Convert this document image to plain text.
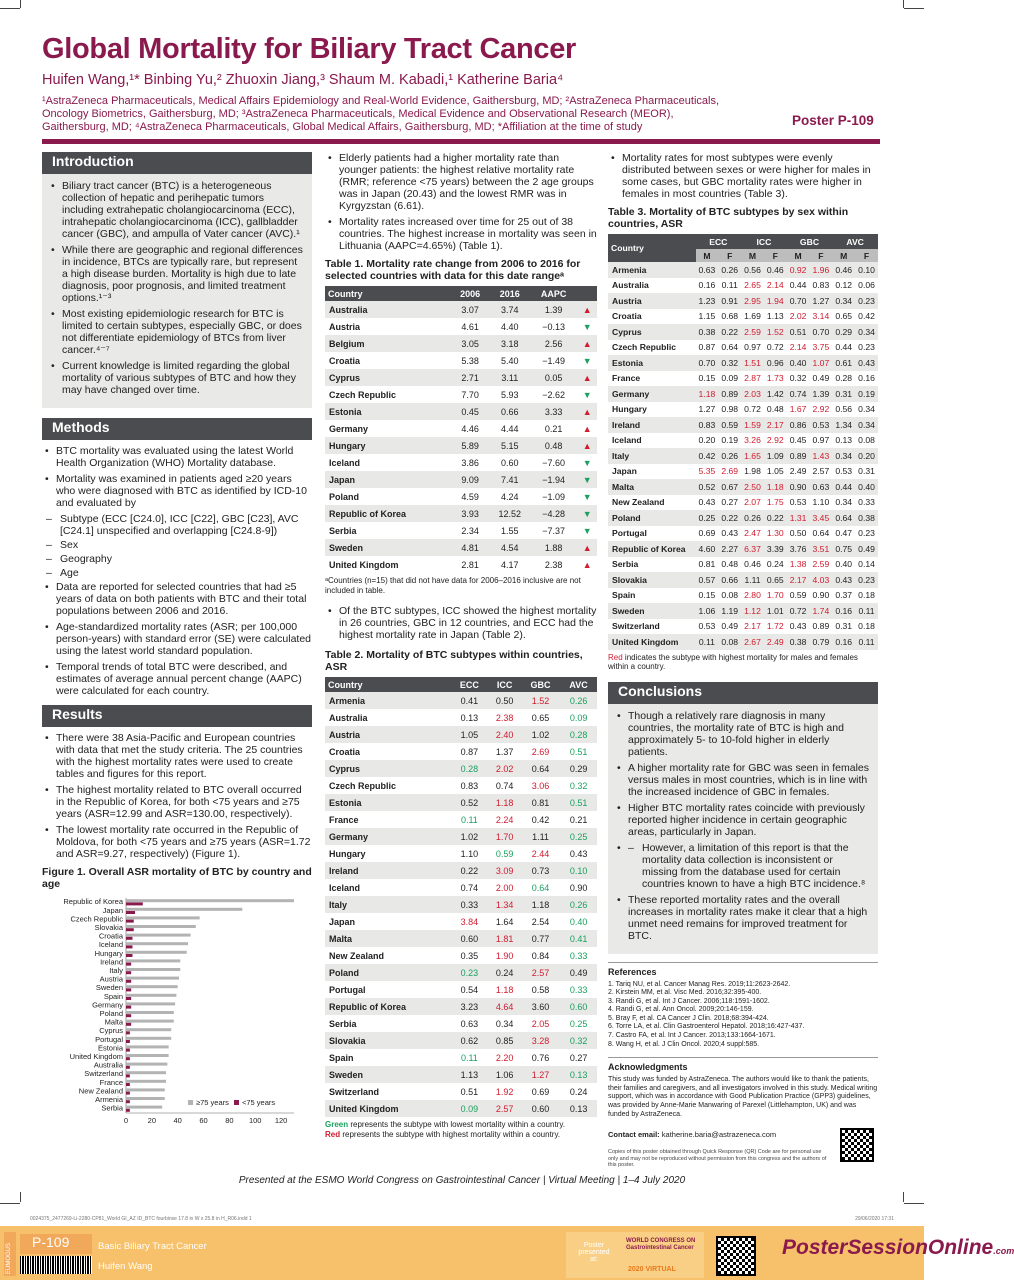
Global Mortality for Biliary Tract Cancer
Huifen Wang,¹* Binbing Yu,² Zhuoxin Jiang,³ Shaum M. Kabadi,¹ Katherine Baria⁴
¹AstraZeneca Pharmaceuticals, Medical Affairs Epidemiology and Real-World Evidence, Gaithersburg, MD; ²AstraZeneca Pharmaceuticals, Oncology Biometrics, Gaithersburg, MD; ³AstraZeneca Pharmaceuticals, Medical Evidence and Observational Research (MEOR), Gaithersburg, MD; ⁴AstraZeneca Pharmaceuticals, Global Medical Affairs, Gaithersburg, MD; *Affiliation at the time of study	Poster P-109
Introduction
• Biliary tract cancer (BTC) is a heterogeneous collection of hepatic and perihepatic tumors including extrahepatic cholangiocarcinoma (ECC), intrahepatic cholangiocarcinoma (ICC), gallbladder cancer (GBC), and ampulla of Vater cancer (AVC).¹
• While there are geographic and regional differences in incidence, BTCs are typically rare, but represent a high disease burden. Mortality is high due to late diagnosis, poor prognosis, and limited treatment options.¹⁻³
• Most existing epidemiologic research for BTC is limited to certain subtypes, especially GBC, or does not differentiate epidemiology of BTCs from liver cancer.⁴⁻⁷
• Current knowledge is limited regarding the global mortality of various subtypes of BTC and how they may have changed over time.
Methods
• BTC mortality was evaluated using the latest World Health Organization (WHO) Mortality database.
• Mortality was examined in patients aged ≥20 years who were diagnosed with BTC as identified by ICD-10 and evaluated by
– Subtype (ECC [C24.0], ICC [C22], GBC [C23], AVC [C24.1] unspecified and overlapping [C24.8-9])
– Sex
– Geography
– Age
• Data are reported for selected countries that had ≥5 years of data on both patients with BTC and their total populations between 2006 and 2016.
• Age-standardized mortality rates (ASR; per 100,000 person-years) with standard error (SE) were calculated using the latest world standard population.
• Temporal trends of total BTC were described, and estimates of average annual percent change (AAPC) were calculated for each country.
Results
• There were 38 Asia-Pacific and European countries with data that met the study criteria. The 25 countries with the highest mortality rates were used to create tables and figures for this report.
• The highest mortality related to BTC overall occurred in the Republic of Korea, for both <75 years and ≥75 years (ASR=12.99 and ASR=130.00, respectively).
• The lowest mortality rate occurred in the Republic of Moldova, for both <75 years and ≥75 years (ASR=1.72 and ASR=9.27, respectively) (Figure 1).
Figure 1. Overall ASR mortality of BTC by country and age
Republic of Korea
Japan
Czech Republic
Slovakia
Croatia
Iceland
Hungary
Ireland
Italy
Austria
Sweden
Spain
Germany
Poland
Malta
Cyprus
Portugal
Estonia
United Kingdom
Australia
Switzerland
France
New Zealand
Armenia
Serbia
0	20 40 60 80 100 120
≥75 years <75 years
• Elderly patients had a higher mortality rate than younger patients: the highest relative mortality rate (RMR; reference <75 years) between the 2 age groups was in Japan (20.43) and the lowest RMR was in Kyrgyzstan (6.61).
• Mortality rates increased over time for 25 out of 38 countries. The highest increase in mortality was seen in Lithuania (AAPC=4.65%) (Table 1).
Table 1. Mortality rate change from 2006 to 2016 for selected countries with data for this date rangeᵃ
Country	2006	2016	AAPC	
Australia	3.07	3.74	1.39	▲
Austria	4.61	4.40	−0.13	▼
Belgium	3.05	3.18	2.56	▲
Croatia	5.38	5.40	−1.49	▼
Cyprus	2.71	3.11	0.05	▲
Czech Republic	7.70	5.93	−2.62	▼
Estonia	0.45	0.66	3.33	▲
Germany	4.46	4.44	0.21	▲
Hungary	5.89	5.15	0.48	▲
Iceland	3.86	0.60	−7.60	▼
Japan	9.09	7.41	−1.94	▼
Poland	4.59	4.24	−1.09	▼
Republic of Korea	3.93	12.52	−4.28	▼
Serbia	2.34	1.55	−7.37	▼
Sweden	4.81	4.54	1.88	▲
United Kingdom	2.81	4.17	2.38	▲
ᵃCountries (n=15) that did not have data for 2006–2016 inclusive are not included in table.
• Of the BTC subtypes, ICC showed the highest mortality in 26 countries, GBC in 12 countries, and ECC had the highest mortality rate in Japan (Table 2).
Table 2. Mortality of BTC subtypes within countries, ASR
Country	ECC	ICC	GBC	AVC
Armenia	0.41	0.50	1.52	0.26
Australia	0.13	2.38	0.65	0.09
Austria	1.05	2.40	1.02	0.28
Croatia	0.87	1.37	2.69	0.51
Cyprus	0.28	2.02	0.64	0.29
Czech Republic	0.83	0.74	3.06	0.32
Estonia	0.52	1.18	0.81	0.51
France	0.11	2.24	0.42	0.21
Germany	1.02	1.70	1.11	0.25
Hungary	1.10	0.59	2.44	0.43
Ireland	0.22	3.09	0.73	0.10
Iceland	0.74	2.00	0.64	0.90
Italy	0.33	1.34	1.18	0.26
Japan	3.84	1.64	2.54	0.40
Malta	0.60	1.81	0.77	0.41
New Zealand	0.35	1.90	0.84	0.33
Poland	0.23	0.24	2.57	0.49
Portugal	0.54	1.18	0.58	0.33
Republic of Korea	3.23	4.64	3.60	0.60
Serbia	0.63	0.34	2.05	0.25
Slovakia	0.62	0.85	3.28	0.32
Spain	0.11	2.20	0.76	0.27
Sweden	1.13	1.06	1.27	0.13
Switzerland	0.51	1.92	0.69	0.24
United Kingdom	0.09	2.57	0.60	0.13
Green represents the subtype with lowest mortality within a country.
Red represents the subtype with highest mortality within a country.
• Mortality rates for most subtypes were evenly distributed between sexes or were higher for males in some cases, but GBC mortality rates were higher in females in most countries (Table 3).
Table 3. Mortality of BTC subtypes by sex within countries, ASR
Country	ECC		ICC		GBC		AVC	
	M	F	M	F	M	F	M	F
Armenia	0.63	0.26	0.56	0.46	0.92	1.96	0.46	0.10
Australia	0.16	0.11	2.65	2.14	0.44	0.83	0.12	0.06
Austria	1.23	0.91	2.95	1.94	0.70	1.27	0.34	0.23
Croatia	1.15	0.68	1.69	1.13	2.02	3.14	0.65	0.42
Cyprus	0.38	0.22	2.59	1.52	0.51	0.70	0.29	0.34
Czech Republic	0.87	0.64	0.97	0.72	2.14	3.75	0.44	0.23
Estonia	0.70	0.32	1.51	0.96	0.40	1.07	0.61	0.43
France	0.15	0.09	2.87	1.73	0.32	0.49	0.28	0.16
Germany	1.18	0.89	2.03	1.42	0.74	1.39	0.31	0.19
Hungary	1.27	0.98	0.72	0.48	1.67	2.92	0.56	0.34
Ireland	0.83	0.59	1.59	2.17	0.86	0.53	1.34	0.34
Iceland	0.20	0.19	3.26	2.92	0.45	0.97	0.13	0.08
Italy	0.42	0.26	1.65	1.09	0.89	1.43	0.34	0.20
Japan	5.35	2.69	1.98	1.05	2.49	2.57	0.53	0.31
Malta	0.52	0.67	2.50	1.18	0.90	0.63	0.44	0.40
New Zealand	0.43	0.27	2.07	1.75	0.53	1.10	0.34	0.33
Poland	0.25	0.22	0.26	0.22	1.31	3.45	0.64	0.38
Portugal	0.69	0.43	2.47	1.30	0.50	0.64	0.47	0.23
Republic of Korea	4.60	2.27	6.37	3.39	3.76	3.51	0.75	0.49
Serbia	0.81	0.48	0.46	0.24	1.38	2.59	0.40	0.14
Slovakia	0.57	0.66	1.11	0.65	2.17	4.03	0.43	0.23
Spain	0.15	0.08	2.80	1.70	0.59	0.90	0.37	0.18
Sweden	1.06	1.19	1.12	1.01	0.72	1.74	0.16	0.11
Switzerland	0.53	0.49	2.17	1.72	0.43	0.89	0.31	0.18
United Kingdom	0.11	0.08	2.67	2.49	0.38	0.79	0.16	0.11
Red indicates the subtype with highest mortality for males and females within a country.
Conclusions
• Though a relatively rare diagnosis in many countries, the mortality rate of BTC is high and approximately 5- to 10-fold higher in elderly patients.
• A higher mortality rate for GBC was seen in females versus males in most countries, which is in line with the increased incidence of GBC in females.
• Higher BTC mortality rates coincide with previously reported higher incidence in certain geographic areas, particularly in Japan.
• – However, a limitation of this report is that the mortality data collection is inconsistent or missing from the database used for certain countries known to have a high BTC incidence.⁸
• These reported mortality rates and the overall increases in mortality rates make it clear that a high unmet need remains for improved treatment for BTC.
References
1. Tariq NU, et al. Cancer Manag Res. 2019;11:2623-2642.
2. Kirstein MM, et al. Visc Med. 2016;32:395-400.
3. Randi G, et al. Int J Cancer. 2006;118:1591-1602.
4. Randi G, et al. Ann Oncol. 2009;20:146-159.
5. Bray F, et al. CA Cancer J Clin. 2018;68:394-424.
6. Torre LA, et al. Clin Gastroenterol Hepatol. 2018;16:427-437.
7. Castro FA, et al. Int J Cancer. 2013;133:1664-1671.
8. Wang H, et al. J Clin Oncol. 2020;4 suppl:585.
Acknowledgments
This study was funded by AstraZeneca. The authors would like to thank the patients, their families and caregivers, and all investigators involved in this study. Medical writing support, which was in accordance with Good Publication Practice (GPP3) guidelines, was provided by Anne-Marie Manwaring of Parexel (Littlehampton, UK) and was funded by AstraZeneca.
Contact email: katherine.baria@astrazeneca.com
Copies of this poster obtained through Quick Response (QR) Code are for personal use only and may not be reproduced without permission from this congress and the authors of this poster.
Presented at the ESMO World Congress on Gastrointestinal Cancer | Virtual Meeting | 1–4 July 2020
0024375_2477269-Li-2280-CP81_World GI_AZ ID_BTC fourbinse 17.8 in W x 25.8 in H_R06.indd 1	29/06/2020 17:31
EUMOGUS
P-109	Basic Biliary Tract Cancer
Huifen Wang
Poster presented at:
WORLD CONGRESS ON Gastrointestinal Cancer
2020 VIRTUAL
PosterSessionOnline.com
